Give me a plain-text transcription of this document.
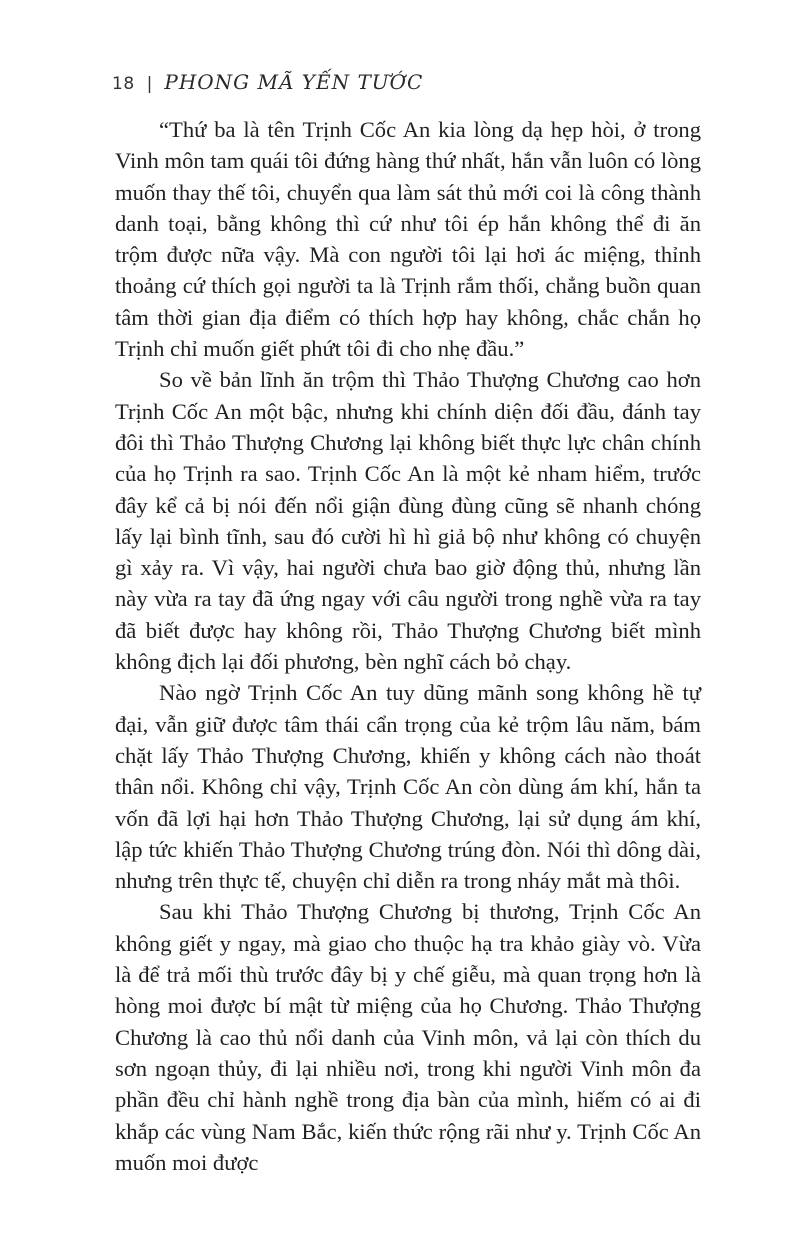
18 | PHONG MÃ YẾN TƯỚC

“Thứ ba là tên Trịnh Cốc An kia lòng dạ hẹp hòi, ở trong Vinh môn tam quái tôi đứng hàng thứ nhất, hắn vẫn luôn có lòng muốn thay thế tôi, chuyển qua làm sát thủ mới coi là công thành danh toại, bằng không thì cứ như tôi ép hắn không thể đi ăn trộm được nữa vậy. Mà con người tôi lại hơi ác miệng, thỉnh thoảng cứ thích gọi người ta là Trịnh rắm thối, chẳng buồn quan tâm thời gian địa điểm có thích hợp hay không, chắc chắn họ Trịnh chỉ muốn giết phứt tôi đi cho nhẹ đầu.”

So về bản lĩnh ăn trộm thì Thảo Thượng Chương cao hơn Trịnh Cốc An một bậc, nhưng khi chính diện đối đầu, đánh tay đôi thì Thảo Thượng Chương lại không biết thực lực chân chính của họ Trịnh ra sao. Trịnh Cốc An là một kẻ nham hiểm, trước đây kể cả bị nói đến nổi giận đùng đùng cũng sẽ nhanh chóng lấy lại bình tĩnh, sau đó cười hì hì giả bộ như không có chuyện gì xảy ra. Vì vậy, hai người chưa bao giờ động thủ, nhưng lần này vừa ra tay đã ứng ngay với câu người trong nghề vừa ra tay đã biết được hay không rồi, Thảo Thượng Chương biết mình không địch lại đối phương, bèn nghĩ cách bỏ chạy.

Nào ngờ Trịnh Cốc An tuy dũng mãnh song không hề tự đại, vẫn giữ được tâm thái cẩn trọng của kẻ trộm lâu năm, bám chặt lấy Thảo Thượng Chương, khiến y không cách nào thoát thân nổi. Không chỉ vậy, Trịnh Cốc An còn dùng ám khí, hắn ta vốn đã lợi hại hơn Thảo Thượng Chương, lại sử dụng ám khí, lập tức khiến Thảo Thượng Chương trúng đòn. Nói thì dông dài, nhưng trên thực tế, chuyện chỉ diễn ra trong nháy mắt mà thôi.

Sau khi Thảo Thượng Chương bị thương, Trịnh Cốc An không giết y ngay, mà giao cho thuộc hạ tra khảo giày vò. Vừa là để trả mối thù trước đây bị y chế giễu, mà quan trọng hơn là hòng moi được bí mật từ miệng của họ Chương. Thảo Thượng Chương là cao thủ nổi danh của Vinh môn, vả lại còn thích du sơn ngoạn thủy, đi lại nhiều nơi, trong khi người Vinh môn đa phần đều chỉ hành nghề trong địa bàn của mình, hiếm có ai đi khắp các vùng Nam Bắc, kiến thức rộng rãi như y. Trịnh Cốc An muốn moi được
